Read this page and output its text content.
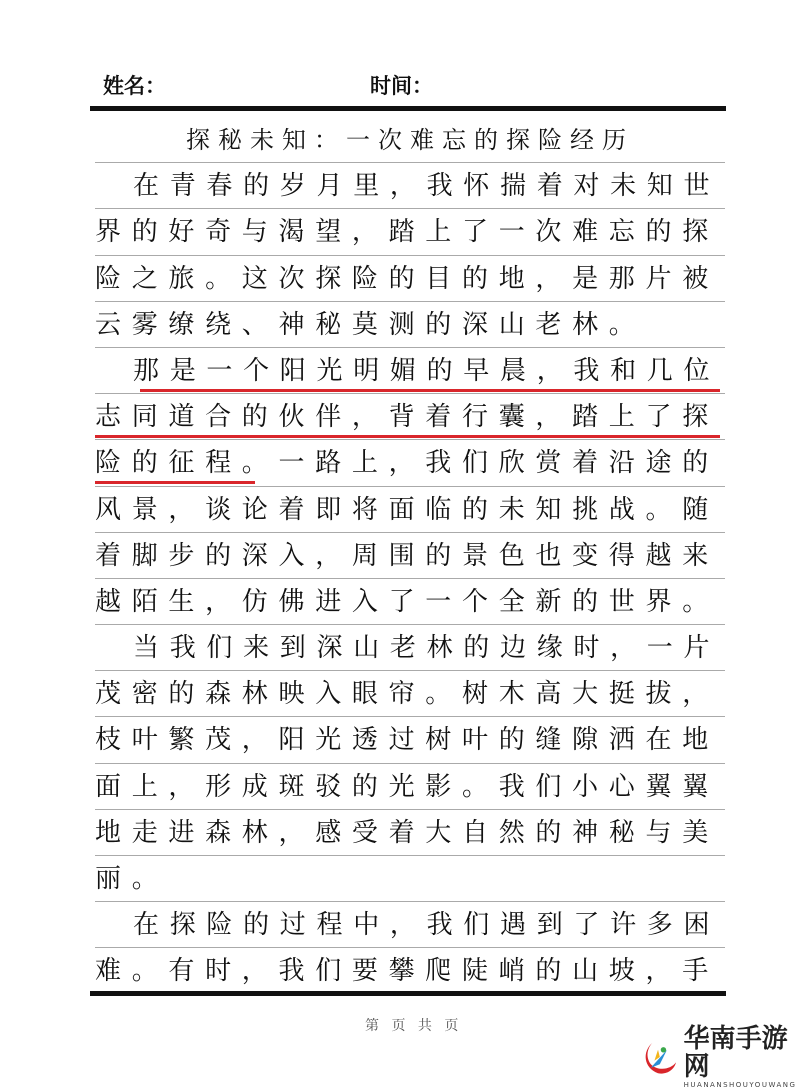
姓名：	时间：
探秘未知：一次难忘的探险经历
在青春的岁月里，我怀揣着对未知世
界的好奇与渴望，踏上了一次难忘的探
险之旅。这次探险的目的地，是那片被
云雾缭绕、神秘莫测的深山老林。
那是一个阳光明媚的早晨，我和几位
志同道合的伙伴，背着行囊，踏上了探
险的征程。一路上，我们欣赏着沿途的
风景，谈论着即将面临的未知挑战。随
着脚步的深入，周围的景色也变得越来
越陌生，仿佛进入了一个全新的世界。
当我们来到深山老林的边缘时，一片
茂密的森林映入眼帘。树木高大挺拔，
枝叶繁茂，阳光透过树叶的缝隙洒在地
面上，形成斑驳的光影。我们小心翼翼
地走进森林，感受着大自然的神秘与美
丽。
在探险的过程中，我们遇到了许多困
难。有时，我们要攀爬陡峭的山坡，手
第 页 共 页	华南手游网
HUANANSHOUYOUWANG
